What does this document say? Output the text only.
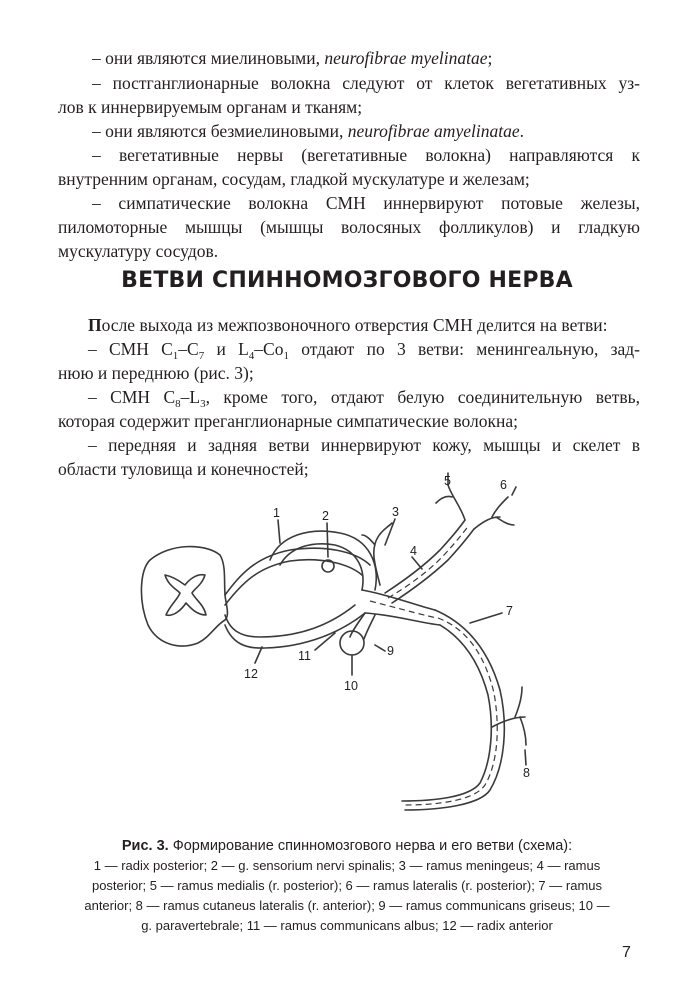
– они являются миелиновыми, neurofibrae myelinatae;
– постганглионарные волокна следуют от клеток вегетативных уз-
лов к иннервируемым органам и тканям;
– они являются безмиелиновыми, neurofibrae amyelinatae.
– вегетативные нервы (вегетативные волокна) направляются к
внутренним органам, сосудам, гладкой мускулатуре и железам;
– симпатические волокна СМН иннервируют потовые железы,
пиломоторные мышцы (мышцы волосяных фолликулов) и гладкую
мускулатуру сосудов.
ВЕТВИ СПИННОМОЗГОВОГО НЕРВА
После выхода из межпозвоночного отверстия СМН делится на ветви:
– СМН $С_1-С_7$ и $L_4-Со_1$ отдают по 3 ветви: менингеальную, зад-
нюю и переднюю (рис. 3);
– СМН $С_8-L_3$, кроме того, отдают белую соединительную ветвь,
которая содержит преганглионарные симпатические волокна;
– передняя и задняя ветви иннервируют кожу, мышцы и скелет в
области туловища и конечностей;
1	2	3
4
5	6
7
8
9
10
11
12
Рис. 3. Формирование спинномозгового нерва и его ветви (схема):
1 — radix posterior; 2 — g. sensorium nervi spinalis; 3 — ramus meningeus; 4 — ramus
posterior; 5 — ramus medialis (r. posterior); 6 — ramus lateralis (r. posterior); 7 — ramus
anterior; 8 — ramus cutaneus lateralis (r. anterior); 9 — ramus communicans griseus; 10 —
g. paravertebrale; 11 — ramus communicans albus; 12 — radix anterior
7
